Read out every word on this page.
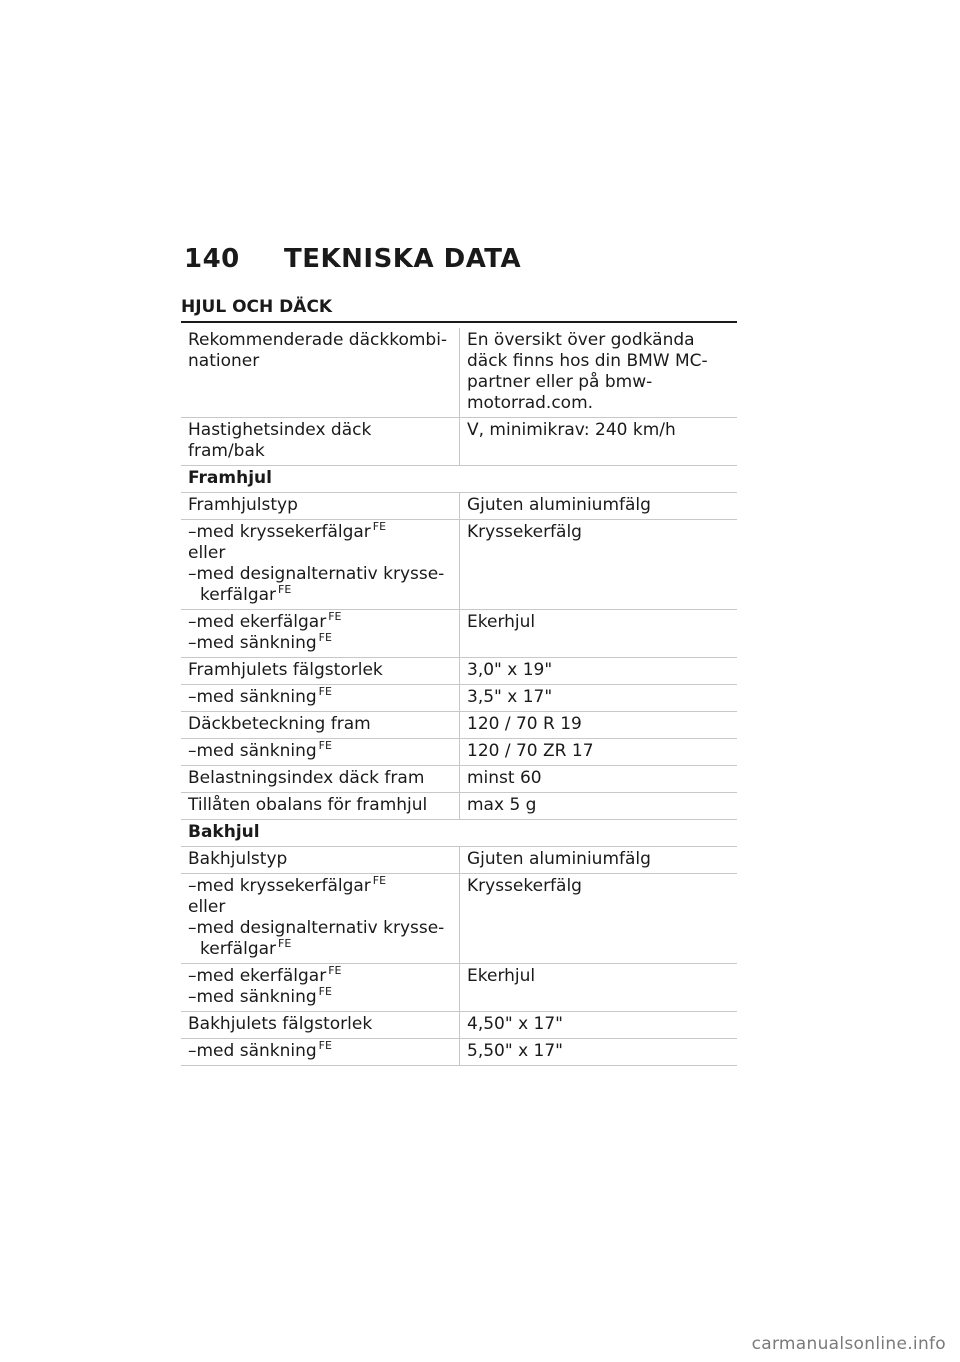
140 TEKNISKA DATA
HJUL OCH DÄCK
Rekommenderade däckkombi-
nationer	En översikt över godkända
däck finns hos din BMW MC-
partner eller på bmw-
motorrad.com.

Hastighetsindex däck fram/bak	V, minimikrav: 240 km/h
Framhjul	
Framhjulstyp	Gjuten aluminiumfälg

–med kryssekerfälgar $^{FE}$
eller
–med designalternativ krysse-
kerfälgar $^{FE}$	Kryssekerfälg

–med ekerfälgar $^{FE}$
–med sänkning $^{FE}$	Ekerhjul
Framhjulets fälgstorlek	3,0" x 19"
–med sänkning $^{FE}$	3,5" x 17"
Däckbeteckning fram	120 / 70 R 19
–med sänkning $^{FE}$	120 / 70 ZR 17
Belastningsindex däck fram	minst 60
Tillåten obalans för framhjul	max 5 g
Bakhjul	
Bakhjulstyp	Gjuten aluminiumfälg

–med kryssekerfälgar $^{FE}$
eller
–med designalternativ krysse-
kerfälgar $^{FE}$	Kryssekerfälg

–med ekerfälgar $^{FE}$
–med sänkning $^{FE}$	Ekerhjul
Bakhjulets fälgstorlek	4,50" x 17"
–med sänkning $^{FE}$	5,50" x 17"
carmanualsonline.info
